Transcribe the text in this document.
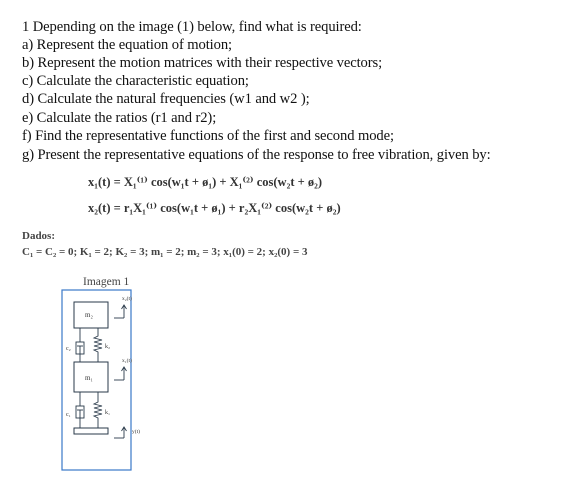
1 Depending on the image (1) below, find what is required:
a) Represent the equation of motion;
b) Represent the motion matrices with their respective vectors;
c) Calculate the characteristic equation;
d) Calculate the natural frequencies (w1 and w2 );
e) Calculate the ratios (r1 and r2);
f) Find the representative functions of the first and second mode;
g) Present the representative equations of the response to free vibration, given by:
x₁(t) = X₁⁽¹⁾ cos(w₁t + ø₁) + X₁⁽²⁾ cos(w₂t + ø₂)
x₂(t) = r₁X₁⁽¹⁾ cos(w₁t + ø₁) + r₂X₁⁽²⁾ cos(w₂t + ø₂)
Dados:
C₁ = C₂ = 0; K₁ = 2; K₂ = 3; m₁ = 2; m₂ = 3; x₁(0) = 2; x₂(0) = 3
Imagem 1
m₂
c₂	k₂
m₁
c₁	k₁
x₂(t)
x₁(t)
y(t)
